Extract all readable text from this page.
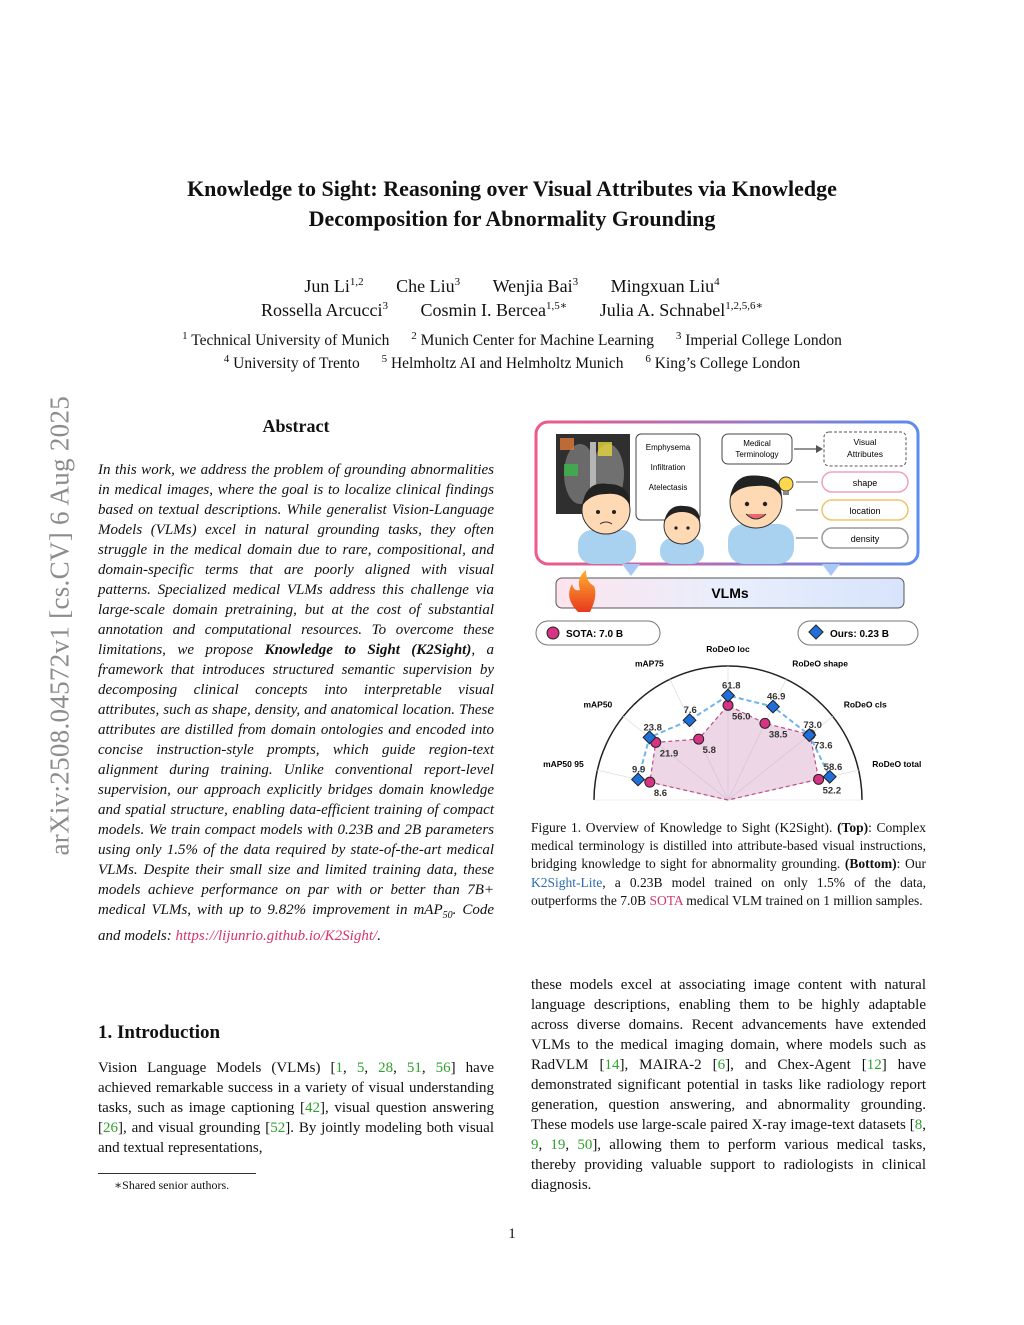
arXiv:2508.04572v1 [cs.CV] 6 Aug 2025
Knowledge to Sight: Reasoning over Visual Attributes via Knowledge
Decomposition for Abnormality Grounding
Jun Li$^{1,2}$ Che Liu$^3$ Wenjia Bai$^3$ Mingxuan Liu$^4$
Rossella Arcucci$^3$ Cosmin I. Bercea$^{1,5∗}$ Julia A. Schnabel$^{1,2,5,6∗}$
$^1$ Technical University of Munich $^2$ Munich Center for Machine Learning $^3$ Imperial College London
$^4$ University of Trento $^5$ Helmholtz AI and Helmholtz Munich $^6$ King’s College London
Abstract
In this work, we address the problem of grounding abnormalities in medical images, where the goal is to localize clinical findings based on textual descriptions. While generalist Vision-Language Models (VLMs) excel in natural grounding tasks, they often struggle in the medical domain due to rare, compositional, and domain-specific terms that are poorly aligned with visual patterns. Specialized medical VLMs address this challenge via large-scale domain pretraining, but at the cost of substantial annotation and computational resources. To overcome these limitations, we propose Knowledge to Sight (K2Sight), a framework that introduces structured semantic supervision by decomposing clinical concepts into interpretable visual attributes, such as shape, density, and anatomical location. These attributes are distilled from domain ontologies and encoded into concise instruction-style prompts, which guide region-text alignment during training. Unlike conventional report-level supervision, our approach explicitly bridges domain knowledge and spatial structure, enabling data-efficient training of compact models. We train compact models with 0.23B and 2B parameters using only 1.5% of the data required by state-of-the-art medical VLMs. Despite their small size and limited training data, these models achieve performance on par with or better than 7B+ medical VLMs, with up to 9.82% improvement in mAP$_{50}$. Code and models: https://lijunrio.github.io/K2Sight/.
1. Introduction
Vision Language Models (VLMs) [1, 5, 28, 51, 56] have achieved remarkable success in a variety of visual understanding tasks, such as image captioning [42], visual question answering [26], and visual grounding [52]. By jointly modeling both visual and textual representations,
∗Shared senior authors.
Emphysema
Infiltration
Atelectasis
Medical
Terminology
Visual
Attributes
shape
location
density
VLMs
SOTA: 7.0 B	Ours: 0.23 B
8.6
21.9	5.8
56.0
38.5
73.6
52.2
9.9
23.8
7.6
61.8
46.9
73.0
58.6
mAP50 95
mAP50
mAP75
RoDeO loc
RoDeO shape
RoDeO cls
RoDeO total
Figure 1. Overview of Knowledge to Sight (K2Sight). (Top): Complex medical terminology is distilled into attribute-based visual instructions, bridging knowledge to sight for abnormality grounding. (Bottom): Our K2Sight-Lite, a 0.23B model trained on only 1.5% of the data, outperforms the 7.0B SOTA medical VLM trained on 1 million samples.
these models excel at associating image content with natural language descriptions, enabling them to be highly adaptable across diverse domains. Recent advancements have extended VLMs to the medical imaging domain, where models such as RadVLM [14], MAIRA-2 [6], and Chex-Agent [12] have demonstrated significant potential in tasks like radiology report generation, question answering, and abnormality grounding. These models use large-scale paired X-ray image-text datasets [8, 9, 19, 50], allowing them to perform various medical tasks, thereby providing valuable support to radiologists in clinical diagnosis.
1
